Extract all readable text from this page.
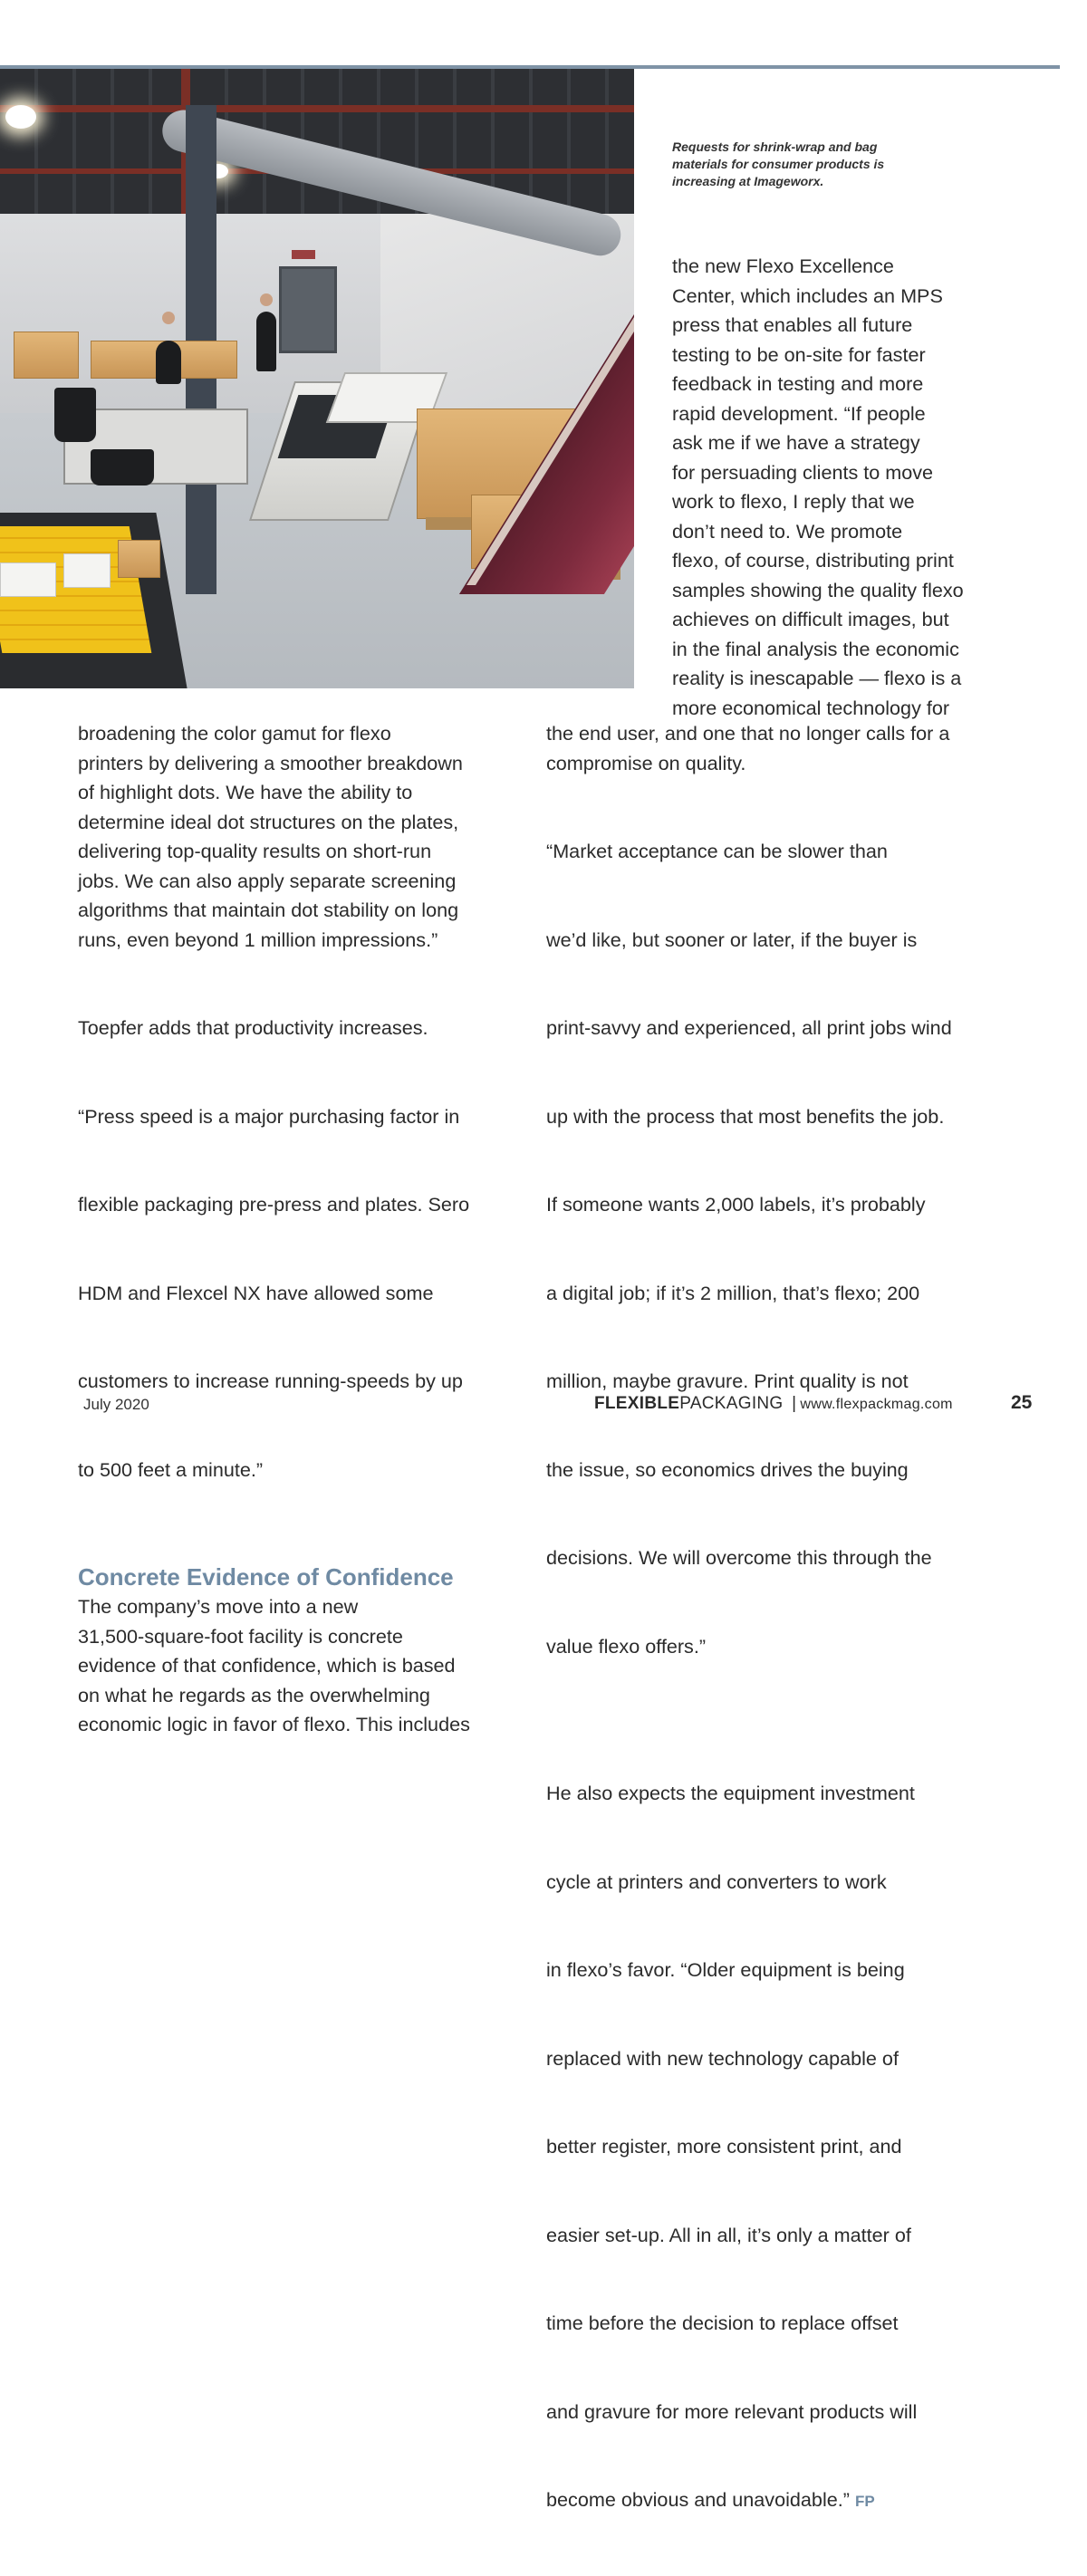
Requests for shrink-wrap and bag
materials for consumer products is
increasing at Imageworx.

the new Flexo Excellence
Center, which includes an MPS
press that enables all future
testing to be on-site for faster
feedback in testing and more
rapid development. “If people
ask me if we have a strategy
for persuading clients to move
work to flexo, I reply that we
don’t need to. We promote
flexo, of course, distributing print
samples showing the quality flexo
achieves on difficult images, but
in the final analysis the economic
reality is inescapable — flexo is a
more economical technology for

broadening the color gamut for flexo
printers by delivering a smoother breakdown
of highlight dots. We have the ability to
determine ideal dot structures on the plates,
delivering top-quality results on short-run
jobs. We can also apply separate screening
algorithms that maintain dot stability on long
runs, even beyond 1 million impressions.”

Toepfer adds that productivity increases.

“Press speed is a major purchasing factor in

flexible packaging pre-press and plates. Sero

HDM and Flexcel NX have allowed some

customers to increase running-speeds by up

to 500 feet a minute.”

Concrete Evidence of Confidence

The company’s move into a new
31,500-square-foot facility is concrete
evidence of that confidence, which is based
on what he regards as the overwhelming
economic logic in favor of flexo. This includes

the end user, and one that no longer calls for a
compromise on quality.

“Market acceptance can be slower than

we’d like, but sooner or later, if the buyer is

print-savvy and experienced, all print jobs wind

up with the process that most benefits the job.

If someone wants 2,000 labels, it’s probably

a digital job; if it’s 2 million, that’s flexo; 200

million, maybe gravure. Print quality is not

the issue, so economics drives the buying

decisions. We will overcome this through the

value flexo offers.”

He also expects the equipment investment

cycle at printers and converters to work

in flexo’s favor. “Older equipment is being

replaced with new technology capable of

better register, more consistent print, and

easier set-up. All in all, it’s only a matter of

time before the decision to replace offset

and gravure for more relevant products will

become obvious and unavoidable.” FP

July 2020	FLEXIBLEPACKAGING | www.flexpackmag.com	25
